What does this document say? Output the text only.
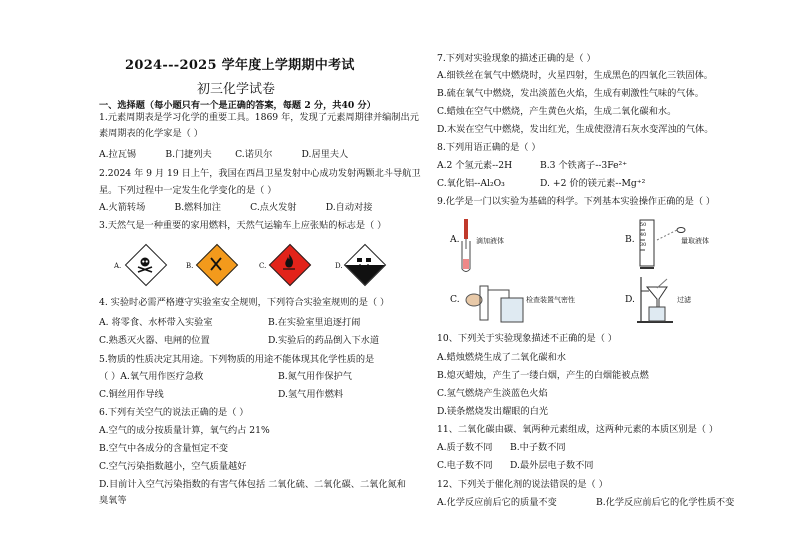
2024---2025 学年度上学期期中考试
初三化学试卷
一、选择题（每小题只有一个是正确的答案，每题 2 分，共40 分）
1.元素周期表是学习化学的重要工具。1869 年，发现了元素周期律并编制出元
素周期表的化学家是（ ）
A.拉瓦锡          B.门捷列夫        C.诺贝尔          D.居里夫人
2.2024 年 9 月 19 日上午，我国在西昌卫星发射中心成功发射两颗北斗导航卫
星。下列过程中一定发生化学变化的是（ ）
A.火箭转场          B.燃料加注          C.点火发射          D.自动对接
3.天然气是一种重要的家用燃料，天然气运输车上应张贴的标志是（ ）
A.	B.	C.	D.
4. 实验时必需严格遵守实验室安全规则，下列符合实验室规则的是（ ）
A. 将零食、水杯带入实验室	B.在实验室里追逐打闹
C.熟悉灭火器、电闸的位置	D.实验后的药品倒入下水道
5.物质的性质决定其用途。下列物质的用途不能体现其化学性质的是
（ ）A.氧气用作医疗急救	B.氮气用作保护气
C.铜丝用作导线	D.氢气用作燃料
6.下列有关空气的说法正确的是（ ）
A.空气的成分按质量计算，氧气约占 21%
B.空气中各成分的含量恒定不变
C.空气污染指数越小，空气质量越好
D.目前计入空气污染指数的有害气体包括 二氧化硫、二氧化碳、二氧化氮和
臭氧等
7.下列对实验现象的描述正确的是（ ）
A.细铁丝在氧气中燃烧时，火星四射，生成黑色的四氧化三铁固体。
B.硫在氧气中燃烧，发出淡蓝色火焰，生成有刺激性气味的气体。
C.蜡烛在空气中燃烧，产生黄色火焰，生成二氧化碳和水。
D.木炭在空气中燃烧，发出红光，生成使澄清石灰水变浑浊的气体。
8.下列用语正确的是（ ）
A.2 个氢元素--2H	B.3 个铁离子--3Fe²⁺
C.氧化铝--Al₂O₃	D. +2 价的镁元素--Mg⁺²
9.化学是一门以实验为基础的科学。下列基本实验操作正确的是（ ）
A. 滴加液体	B.
50
40
30	量取液体
C.	检查装置气密性	D.	过滤
10、下列关于实验现象描述不正确的是（ ）
A.蜡烛燃烧生成了二氧化碳和水
B.熄灭蜡烛，产生了一缕白烟，产生的白烟能被点燃
C.氢气燃烧产生淡蓝色火焰
D.镁条燃烧发出耀眼的白光
11、二氧化碳由碳、氧两种元素组成，这两种元素的本质区别是（ ）
A.质子数不同 B.中子数不同
C.电子数不同 D.最外层电子数不同
12、下列关于催化剂的说法错误的是（ ）
A.化学反应前后它的质量不变	B.化学反应前后它的化学性质不变
